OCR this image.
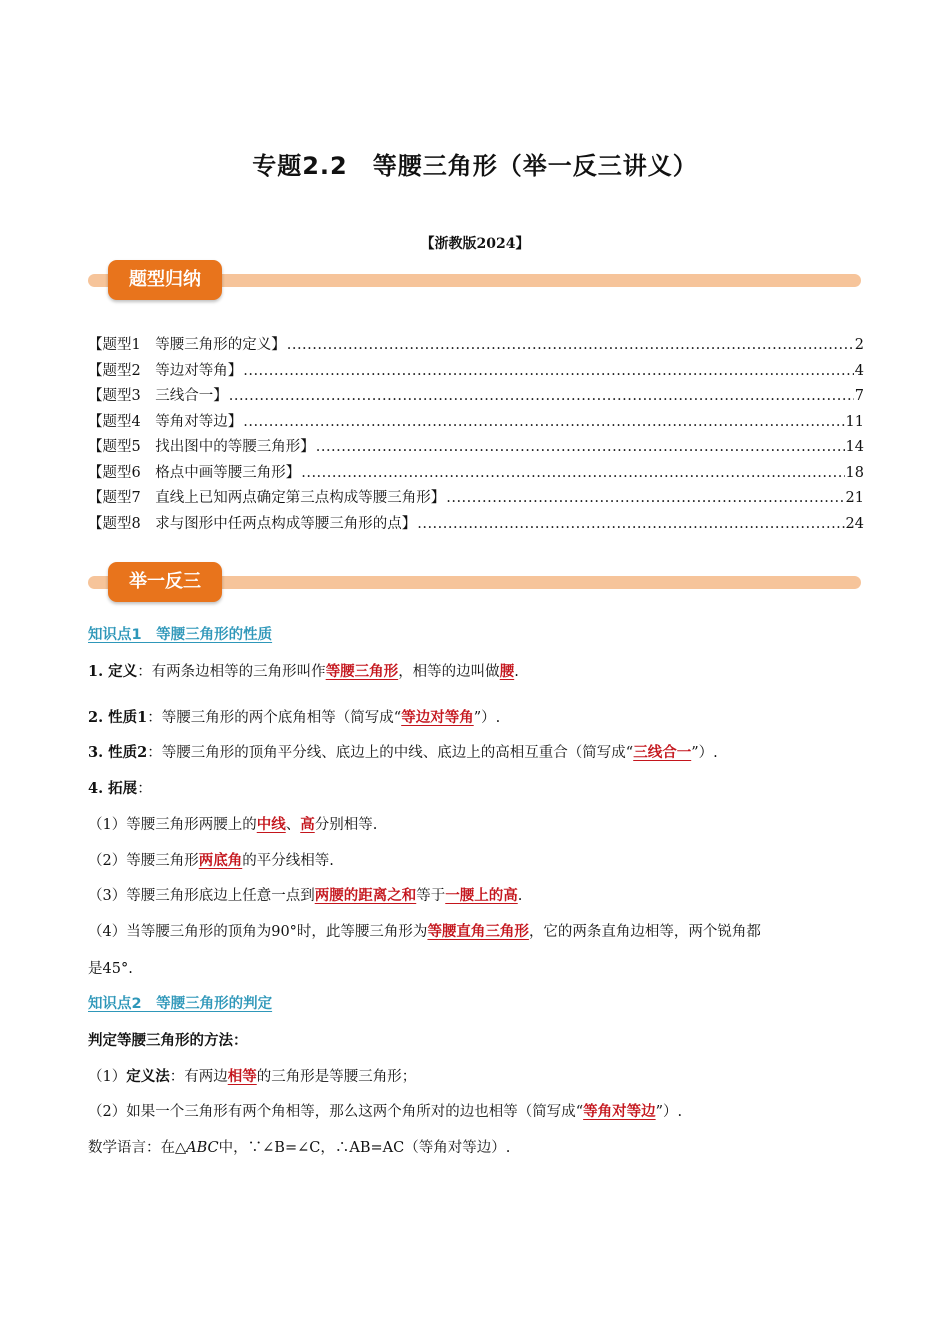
专题2.2　等腰三角形（举一反三讲义）
【浙教版2024】
题型归纳
【题型1　等腰三角形的定义】 .....	2
【题型2　等边对等角】 .....	4
【题型3　三线合一】 .....	7
【题型4　等角对等边】 .....	11
【题型5　找出图中的等腰三角形】 .....	14
【题型6　格点中画等腰三角形】 .....	18
【题型7　直线上已知两点确定第三点构成等腰三角形】 .....	21
【题型8　求与图形中任两点构成等腰三角形的点】 .....	24
举一反三
知识点1　等腰三角形的性质
1. 定义：有两条边相等的三角形叫作等腰三角形，相等的边叫做腰.
2. 性质1：等腰三角形的两个底角相等（简写成“等边对等角”）.
3. 性质2：等腰三角形的顶角平分线、底边上的中线、底边上的高相互重合（简写成“三线合一”）.
4. 拓展：
（1）等腰三角形两腰上的中线、高分别相等.
（2）等腰三角形两底角的平分线相等.
（3）等腰三角形底边上任意一点到两腰的距离之和等于一腰上的高.
（4）当等腰三角形的顶角为90°时，此等腰三角形为等腰直角三角形，它的两条直角边相等，两个锐角都
是45°.
知识点2　等腰三角形的判定
判定等腰三角形的方法：
（1）定义法：有两边相等的三角形是等腰三角形；
（2）如果一个三角形有两个角相等，那么这两个角所对的边也相等（简写成“等角对等边”）.
数学语言：在△ABC中，∵∠B=∠C，∴AB=AC（等角对等边）.
